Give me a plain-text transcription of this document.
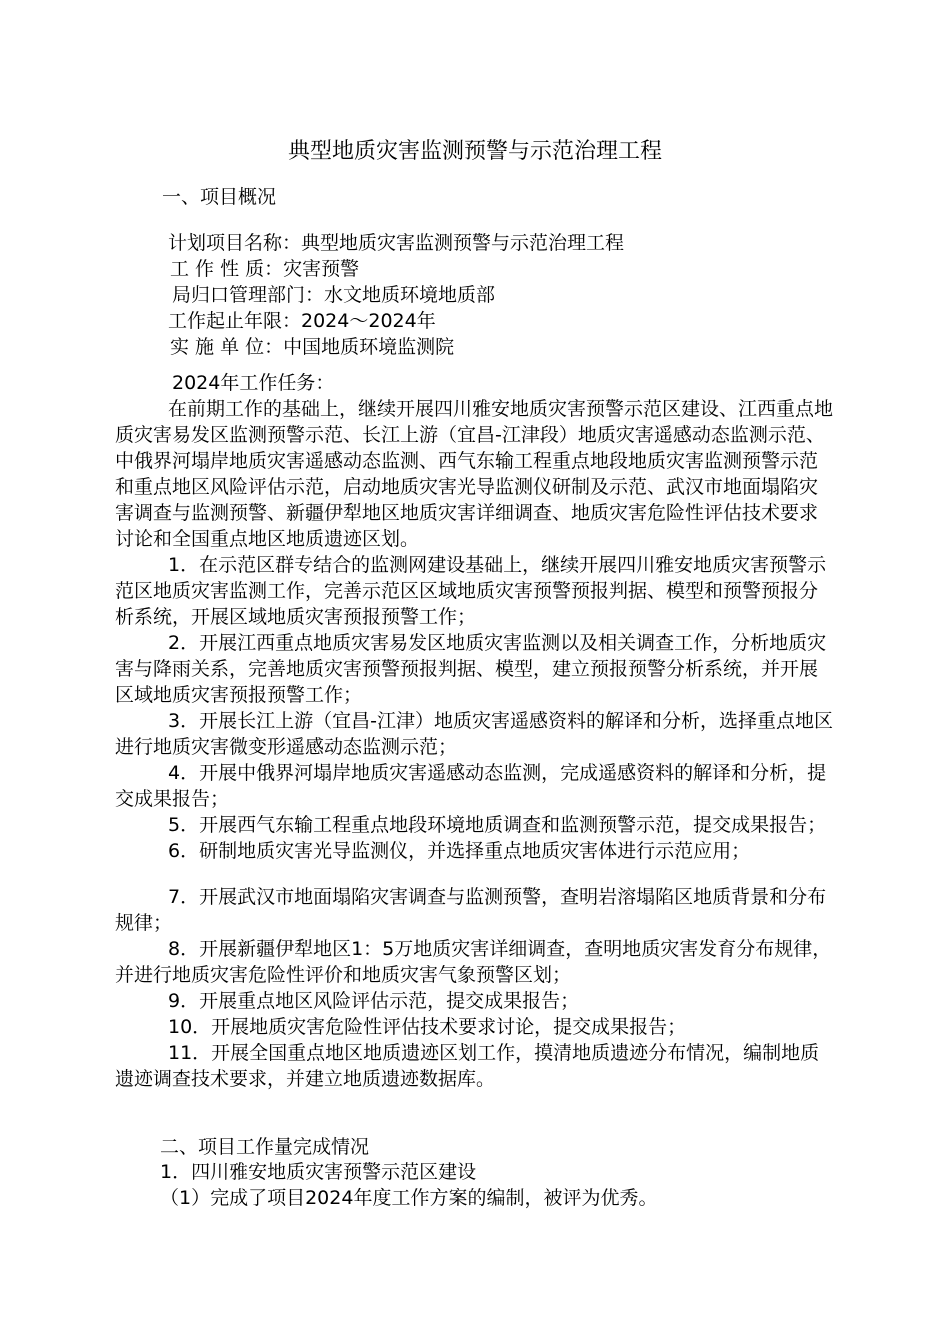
典型地质灾害监测预警与示范治理工程
一、项目概况
计划项目名称：典型地质灾害监测预警与示范治理工程
工 作 性 质：灾害预警
局归口管理部门：水文地质环境地质部
工作起止年限：2024～2024年
实 施 单 位：中国地质环境监测院
2024年工作任务：

在前期工作的基础上，继续开展四川雅安地质灾害预警示范区建设、江西重点地质灾害易发区监测预警示范、长江上游（宜昌-江津段）地质灾害遥感动态监测示范、中俄界河塌岸地质灾害遥感动态监测、西气东输工程重点地段地质灾害监测预警示范和重点地区风险评估示范，启动地质灾害光导监测仪研制及示范、武汉市地面塌陷灾害调查与监测预警、新疆伊犁地区地质灾害详细调查、地质灾害危险性评估技术要求讨论和全国重点地区地质遗迹区划。

1．在示范区群专结合的监测网建设基础上，继续开展四川雅安地质灾害预警示范区地质灾害监测工作，完善示范区区域地质灾害预警预报判据、模型和预警预报分析系统，开展区域地质灾害预报预警工作；

2．开展江西重点地质灾害易发区地质灾害监测以及相关调查工作，分析地质灾害与降雨关系，完善地质灾害预警预报判据、模型，建立预报预警分析系统，并开展区域地质灾害预报预警工作；

3．开展长江上游（宜昌-江津）地质灾害遥感资料的解译和分析，选择重点地区进行地质灾害微变形遥感动态监测示范；

4．开展中俄界河塌岸地质灾害遥感动态监测，完成遥感资料的解译和分析，提交成果报告；

5．开展西气东输工程重点地段环境地质调查和监测预警示范，提交成果报告；

6．研制地质灾害光导监测仪，并选择重点地质灾害体进行示范应用；

7．开展武汉市地面塌陷灾害调查与监测预警，查明岩溶塌陷区地质背景和分布规律；

8．开展新疆伊犁地区1：5万地质灾害详细调查，查明地质灾害发育分布规律，并进行地质灾害危险性评价和地质灾害气象预警区划；

9．开展重点地区风险评估示范，提交成果报告；

10．开展地质灾害危险性评估技术要求讨论，提交成果报告；

11．开展全国重点地区地质遗迹区划工作，摸清地质遗迹分布情况，编制地质遗迹调查技术要求，并建立地质遗迹数据库。

二、项目工作量完成情况
1．四川雅安地质灾害预警示范区建设
（1）完成了项目2024年度工作方案的编制，被评为优秀。
